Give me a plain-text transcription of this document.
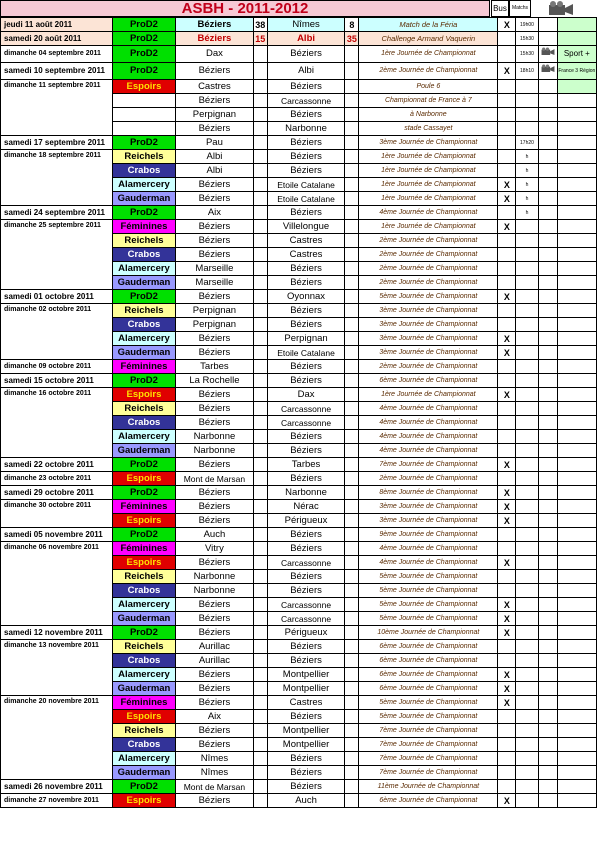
ASBH - 2011-2012	Bus	Matchs
jeudi 11 août 2011	ProD2	Béziers	38	Nîmes	8	Match de la Féria	X	19h00		
samedi 20 août 2011	ProD2	Béziers	15	Albi	35	Challenge Armand Vaquerin		15h30		
dimanche 04 septembre 2011	ProD2	Dax		Béziers		1ère Journée de Championnat		15h30		Sport +
samedi 10 septembre 2011	ProD2	Béziers		Albi		2ème Journée de Championnat	X	18h10		France 3 Région
dimanche 11 septembre 2011	Espoirs	Castres		Béziers		Poule 6				
		Béziers		Carcassonne		Championnat de France à 7				
		Perpignan		Béziers		à Narbonne				
		Béziers		Narbonne		stade Cassayet				
samedi 17 septembre 2011	ProD2	Pau		Béziers		3ème Journée de Championnat		17h20		
dimanche 18 septembre 2011	Reichels	Albi		Béziers		1ère Journée de Championnat		h		
	Crabos	Albi		Béziers		1ère Journée de Championnat		h		
	Alamercery	Béziers		Etoile Catalane		1ère Journée de Championnat	X	h		
	Gauderman	Béziers		Etoile Catalane		1ère Journée de Championnat	X	h		
samedi 24 septembre 2011	ProD2	Aix		Béziers		4ème Journée de Championnat		h		
dimanche 25 septembre 2011	Féminines	Béziers		Villelongue		1ère Journée de Championnat	X			
	Reichels	Béziers		Castres		2ème Journée de Championnat				
	Crabos	Béziers		Castres		2ème Journée de Championnat				
	Alamercery	Marseille		Béziers		2ème Journée de Championnat				
	Gauderman	Marseille		Béziers		2ème Journée de Championnat				
samedi 01 octobre 2011	ProD2	Béziers		Oyonnax		5ème Journée de Championnat	X			
dimanche 02 octobre 2011	Reichels	Perpignan		Béziers		3ème Journée de Championnat				
	Crabos	Perpignan		Béziers		3ème Journée de Championnat				
	Alamercery	Béziers		Perpignan		3ème Journée de Championnat	X			
	Gauderman	Béziers		Etoile Catalane		3ème Journée de Championnat	X			
dimanche 09 octobre 2011	Féminines	Tarbes		Béziers		2ème Journée de Championnat				
samedi 15 octobre 2011	ProD2	La Rochelle		Béziers		6ème Journée de Championnat				
dimanche 16 octobre 2011	Espoirs	Béziers		Dax		1ère Journée de Championnat	X			
	Reichels	Béziers		Carcassonne		4ème Journée de Championnat				
	Crabos	Béziers		Carcassonne		4ème Journée de Championnat				
	Alamercery	Narbonne		Béziers		4ème Journée de Championnat				
	Gauderman	Narbonne		Béziers		4ème Journée de Championnat				
samedi 22 octobre 2011	ProD2	Béziers		Tarbes		7ème Journée de Championnat	X			
dimanche 23 octobre 2011	Espoirs	Mont de Marsan		Béziers		2ème Journée de Championnat				
samedi 29 octobre 2011	ProD2	Béziers		Narbonne		8ème Journée de Championnat	X			
dimanche 30 octobre 2011	Féminines	Béziers		Nérac		3ème Journée de Championnat	X			
	Espoirs	Béziers		Périgueux		3ème Journée de Championnat	X			
samedi 05 novembre 2011	ProD2	Auch		Béziers		9ème Journée de Championnat				
dimanche 06 novembre 2011	Féminines	Vitry		Béziers		4ème Journée de Championnat				
	Espoirs	Béziers		Carcassonne		4ème Journée de Championnat	X			
	Reichels	Narbonne		Béziers		5ème Journée de Championnat				
	Crabos	Narbonne		Béziers		5ème Journée de Championnat				
	Alamercery	Béziers		Carcassonne		5ème Journée de Championnat	X			
	Gauderman	Béziers		Carcassonne		5ème Journée de Championnat	X			
samedi 12 novembre 2011	ProD2	Béziers		Périgueux		10ème Journée de Championnat	X			
dimanche 13 novembre 2011	Reichels	Aurillac		Béziers		6ème Journée de Championnat				
	Crabos	Aurillac		Béziers		6ème Journée de Championnat				
	Alamercery	Béziers		Montpellier		6ème Journée de Championnat	X			
	Gauderman	Béziers		Montpellier		6ème Journée de Championnat	X			
dimanche 20 novembre 2011	Féminines	Béziers		Castres		5ème Journée de Championnat	X			
	Espoirs	Aix		Béziers		5ème Journée de Championnat				
	Reichels	Béziers		Montpellier		7ème Journée de Championnat				
	Crabos	Béziers		Montpellier		7ème Journée de Championnat				
	Alamercery	Nîmes		Béziers		7ème Journée de Championnat				
	Gauderman	Nîmes		Béziers		7ème Journée de Championnat				
samedi 26 novembre 2011	ProD2	Mont de Marsan		Béziers		11ème Journée de Championnat				
dimanche 27 novembre 2011	Espoirs	Béziers		Auch		6ème Journée de Championnat	X			
